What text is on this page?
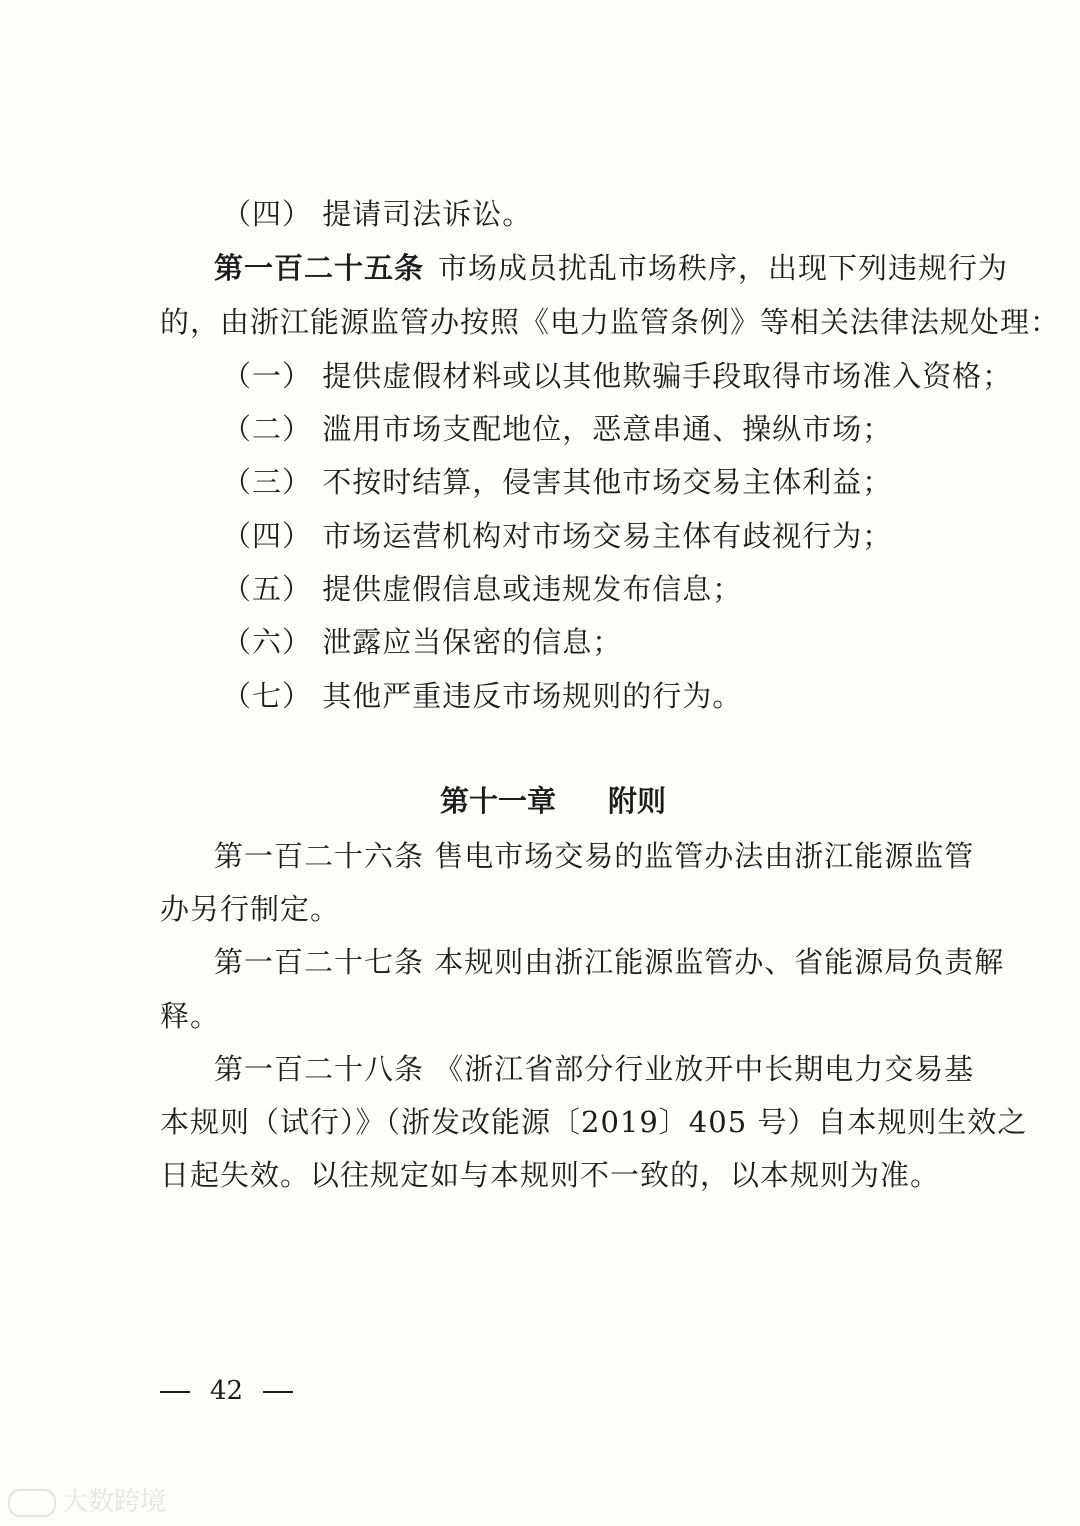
（四） 提请司法诉讼。
第一百二十五条 市场成员扰乱市场秩序，出现下列违规行为
的，由浙江能源监管办按照《电力监管条例》等相关法律法规处理：
（一） 提供虚假材料或以其他欺骗手段取得市场准入资格；
（二） 滥用市场支配地位，恶意串通、操纵市场；
（三） 不按时结算，侵害其他市场交易主体利益；
（四） 市场运营机构对市场交易主体有歧视行为；
（五） 提供虚假信息或违规发布信息；
（六） 泄露应当保密的信息；
（七） 其他严重违反市场规则的行为。
第十一章 附则
第一百二十六条 售电市场交易的监管办法由浙江能源监管
办另行制定。
第一百二十七条 本规则由浙江能源监管办、省能源局负责解
释。
第一百二十八条 《浙江省部分行业放开中长期电力交易基
本规则（试行）》（浙发改能源〔2019〕405 号）自本规则生效之
日起失效。以往规定如与本规则不一致的，以本规则为准。
42
大数跨境
